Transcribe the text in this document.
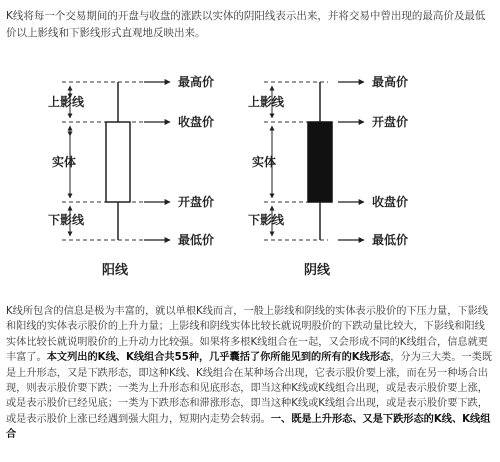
K线将每一个交易期间的开盘与收盘的涨跌以实体的阴阳线表示出来，并将交易中曾出现的最高价及最低价以上影线和下影线形式直观地反映出来。

上影线
实体
下影线
最高价
收盘价
开盘价
最低价
阳线
上影线
实体
下影线
最高价
开盘价
收盘价
最低价
阴线

K线所包含的信息是极为丰富的，就以单根K线而言，一般上影线和阴线的实体表示股价的下压力量，下影线和阳线的实体表示股价的上升力量；上影线和阴线实体比较长就说明股价的下跌动量比较大，下影线和阳线实体比较长就说明股价的上升动力比较强。如果将多根K线组合在一起，又会形成不同的K线组合，信息就更丰富了。本文列出的K线、K线组合共55种，几乎囊括了你所能见到的所有的K线形态，分为三大类。一类既是上升形态，又是下跌形态，即这种K线、K线组合在某种场合出现，它表示股价要上涨，而在另一种场合出现，则表示股价要下跌；一类为上升形态和见底形态，即当这种K线或K线组合出现，或是表示股价要上涨，或是表示股价已经见底；一类为下跌形态和滞涨形态，即当这种K线或K线组合出现，或是表示股价要下跌，或是表示股价上涨已经遇到强大阻力，短期内走势会转弱。一、既是上升形态、又是下跌形态的K线、K线组合
